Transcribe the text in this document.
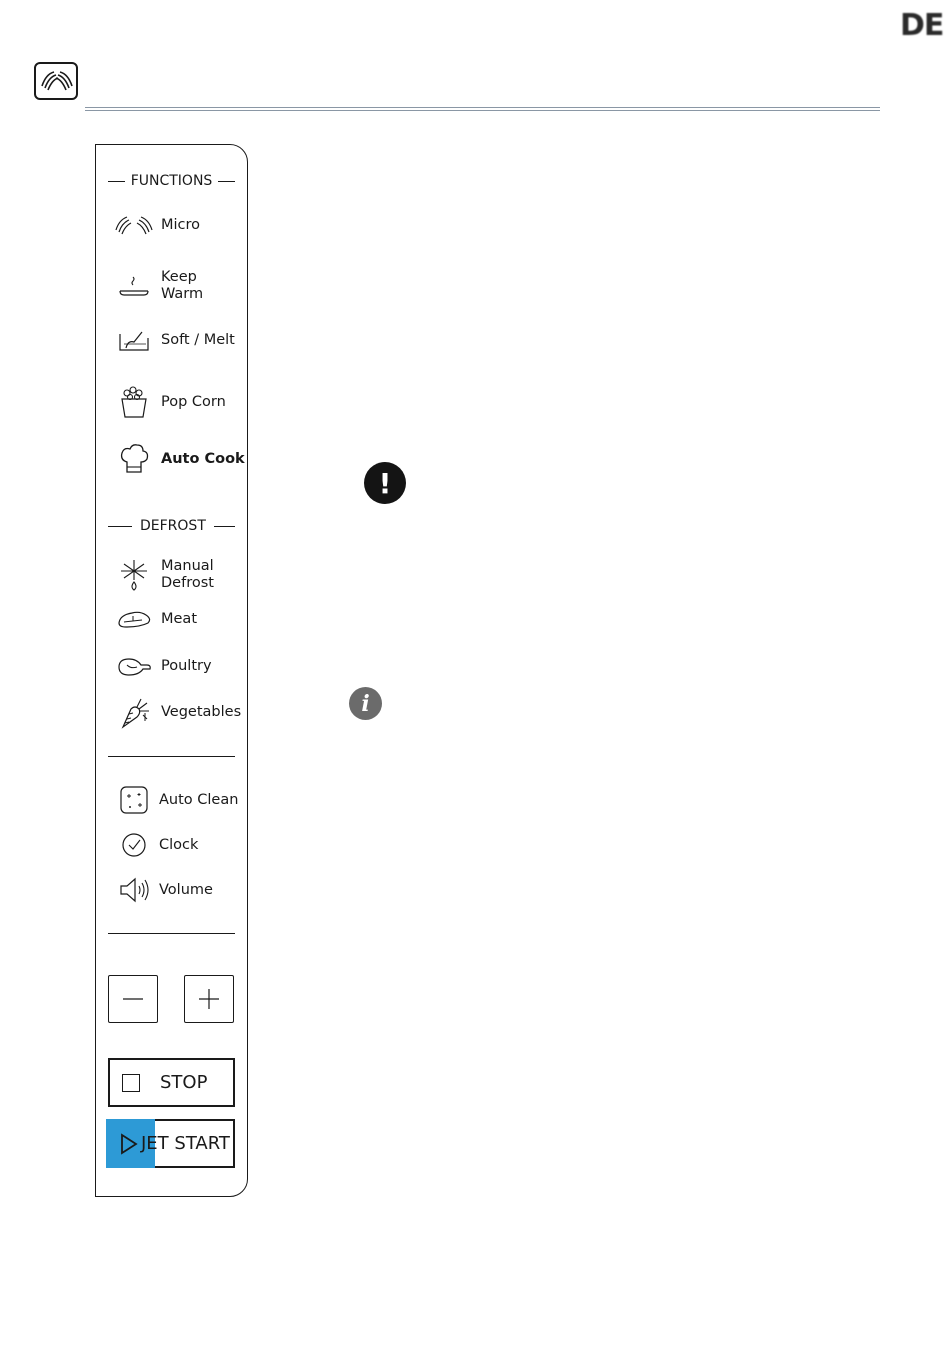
DE
FUNCTIONS
Micro
Keep
Warm
Soft / Melt
Pop Corn
Auto Cook
DEFROST
Manual
Defrost
Meat
Poultry
Vegetables
Auto Clean
Clock
Volume
STOP
JET START
!
i
